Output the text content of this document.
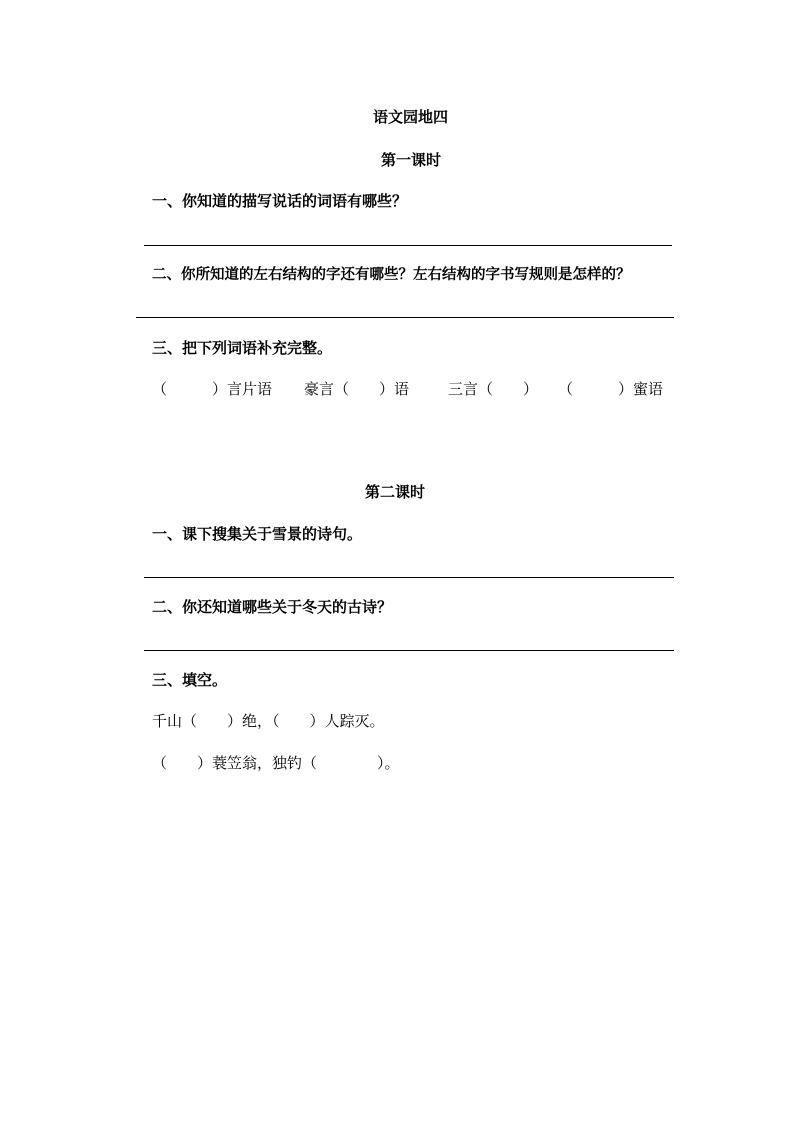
语文园地四
第一课时
一、你知道的描写说话的词语有哪些？
二、你所知道的左右结构的字还有哪些？左右结构的字书写规则是怎样的？
三、把下列词语补充完整。
（　　　）言片语 豪言（　　）语	三言（　　） （　　　）蜜语
第二课时
一、课下搜集关于雪景的诗句。
二、你还知道哪些关于冬天的古诗？
三、填空。
千山（　　）绝，（　　）人踪灭。
（　　）蓑笠翁，独钓（　　　　）。
